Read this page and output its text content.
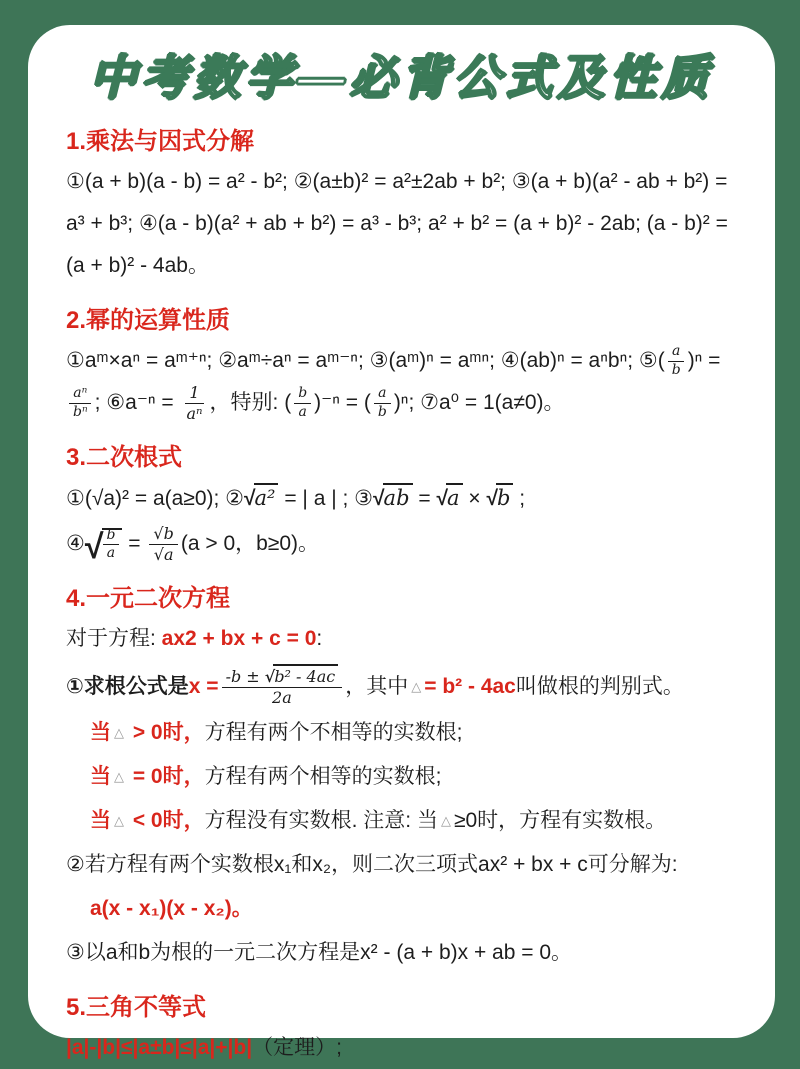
中考数学—必背公式及性质
1.乘法与因式分解

①(a + b)(a - b) = a² - b²; ②(a±b)² = a²±2ab + b²; ③(a + b)(a² - ab + b²) = a³ + b³; ④(a - b)(a² + ab + b²) = a³ - b³; a² + b² = (a + b)² - 2ab; (a - b)² = (a + b)² - 4ab。

2.幂的运算性质

①aᵐ×aⁿ = aᵐ⁺ⁿ; ②aᵐ÷aⁿ = aᵐ⁻ⁿ; ③(aᵐ)ⁿ = aᵐⁿ; ④(ab)ⁿ = aⁿbⁿ; ⑤( $\frac{a}{b} )^n$ =
$\frac{\text{aⁿ}}{\text{bⁿ}}$ ; ⑥a⁻ⁿ = $\frac{1}{\text{aⁿ}}$ ，特别: ( $\frac{b}{a} )^{-n}$ = ( $\frac{a}{b} )^n$; ⑦a⁰ = 1(a≠0)。

3.二次根式

①(√a)² = a(a≥0); ②√a² = | a | ; ③√ab = √a × √b ;

④√ $\frac{b}{a} = \frac{√b}{√a} (a > 0$，b≥0)。

4.一元二次方程

对于方程: ax2 + bx + c = 0:

①求根公式是 $x = \frac{\text{-b ± √b² - 4ac}}{2a}$ ，其中 △ = b² - 4ac 叫做根的判别式。

当 △ > 0时，方程有两个不相等的实数根;

当 △ = 0时，方程有两个相等的实数根;

当 △ < 0时，方程没有实数根. 注意: 当 △ ≥0时，方程有实数根。

②若方程有两个实数根x₁和x₂，则二次三项式ax² + bx + c可分解为:

a(x - x₁)(x - x₂)。

③以a和b为根的一元二次方程是x² - (a + b)x + ab = 0。

5.三角不等式

|a|-|b|≤|a±b|≤|a|+|b|（定理）;
